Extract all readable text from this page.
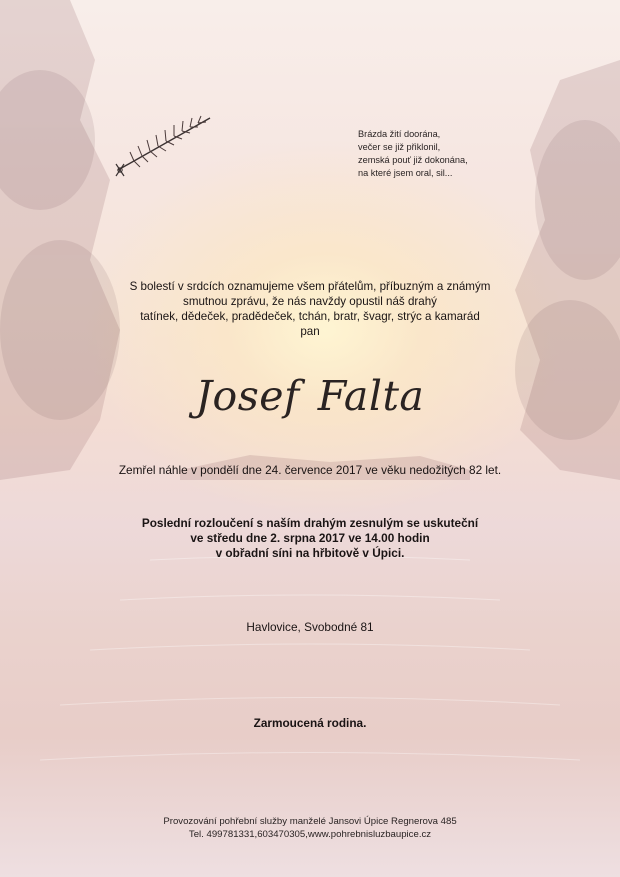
Brázda žití doorána,
večer se již přiklonil,
zemská pouť již dokonána,
na které jsem oral, sil...
S bolestí v srdcích oznamujeme všem přátelům, příbuzným a známým
smutnou zprávu, že nás navždy opustil náš drahý
tatínek, dědeček, pradědeček, tchán, bratr, švagr, strýc a kamarád
pan
Josef Falta
Zemřel náhle v pondělí dne 24. července 2017 ve věku nedožitých 82 let.
Poslední rozloučení s naším drahým zesnulým se uskuteční
ve středu dne 2. srpna 2017 ve 14.00 hodin
v obřadní síni na hřbitově v Úpici.
Havlovice, Svobodné 81
Zarmoucená rodina.
Provozování pohřební služby manželé Jansovi Úpice Regnerova 485
Tel. 499781331,603470305,www.pohrebnisluzbaupice.cz
